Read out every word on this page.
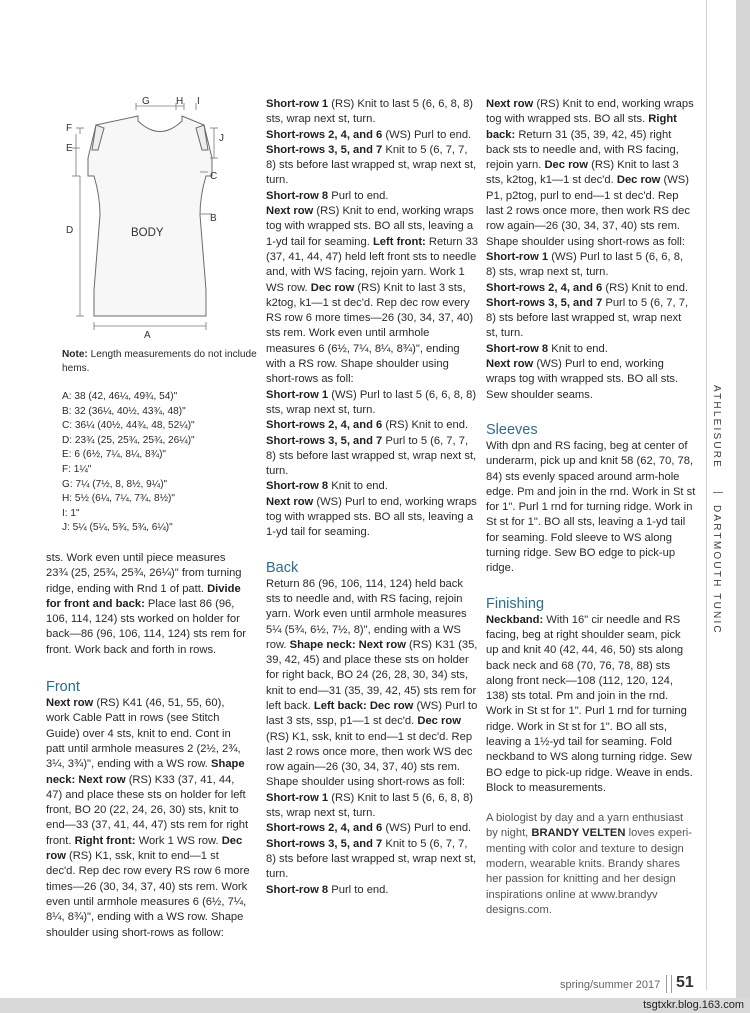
G	H I
F
E
J
C
B
D	BODY
A

Note: Length measurements do not include hems.

A: 38 (42, 46¼, 49¾, 54)"

B: 32 (36¼, 40½, 43¾, 48)"

C: 36¼ (40½, 44¾, 48, 52¼)"

D: 23¾ (25, 25¾, 25¾, 26¼)"

E: 6 (6½, 7¼, 8¼, 8¾)"

F: 1¼"

G: 7¼ (7½, 8, 8½, 9¼)"

H: 5½ (6¼, 7¼, 7¾, 8½)"

I: 1"

J: 5¼ (5¼, 5¾, 5¾, 6¼)"

sts. Work even until piece measures 23¾ (25, 25¾, 25¾, 26¼)" from turning ridge, ending with Rnd 1 of patt. Divide for front and back: Place last 86 (96, 106, 114, 124) sts worked on holder for back—86 (96, 106, 114, 124) sts rem for front. Work back and forth in rows.

Front

Next row (RS) K41 (46, 51, 55, 60), work Cable Patt in rows (see Stitch Guide) over 4 sts, knit to end. Cont in patt until armhole measures 2 (2½, 2¾, 3¼, 3¾)", ending with a WS row. Shape neck: Next row (RS) K33 (37, 41, 44, 47) and place these sts on holder for left front, BO 20 (22, 24, 26, 30) sts, knit to end—33 (37, 41, 44, 47) sts rem for right front. Right front: Work 1 WS row. Dec row (RS) K1, ssk, knit to end—1 st dec'd. Rep dec row every RS row 6 more times—26 (30, 34, 37, 40) sts rem. Work even until armhole measures 6 (6½, 7¼, 8¼, 8¾)", ending with a WS row. Shape shoulder using short-rows as follow:

Short-row 1 (RS) Knit to last 5 (6, 6, 8, 8) sts, wrap next st, turn.

Short-rows 2, 4, and 6 (WS) Purl to end.

Short-rows 3, 5, and 7 Knit to 5 (6, 7, 7, 8) sts before last wrapped st, wrap next st, turn.

Short-row 8 Purl to end.

Next row (RS) Knit to end, working wraps tog with wrapped sts. BO all sts, leaving a 1-yd tail for seaming. Left front: Return 33 (37, 41, 44, 47) held left front sts to needle and, with WS facing, rejoin yarn. Work 1 WS row. Dec row (RS) Knit to last 3 sts, k2tog, k1—1 st dec'd. Rep dec row every RS row 6 more times—26 (30, 34, 37, 40) sts rem. Work even until armhole measures 6 (6½, 7¼, 8¼, 8¾)", ending with a RS row. Shape shoulder using short-rows as foll:

Short-row 1 (WS) Purl to last 5 (6, 6, 8, 8) sts, wrap next st, turn.

Short-rows 2, 4, and 6 (RS) Knit to end.

Short-rows 3, 5, and 7 Purl to 5 (6, 7, 7, 8) sts before last wrapped st, wrap next st, turn.

Short-row 8 Knit to end.

Next row (WS) Purl to end, working wraps tog with wrapped sts. BO all sts, leaving a 1-yd tail for seaming.

Back

Return 86 (96, 106, 114, 124) held back sts to needle and, with RS facing, rejoin yarn. Work even until armhole measures 5¼ (5¾, 6½, 7½, 8)", ending with a WS row. Shape neck: Next row (RS) K31 (35, 39, 42, 45) and place these sts on holder for right back, BO 24 (26, 28, 30, 34) sts, knit to end—31 (35, 39, 42, 45) sts rem for left back. Left back: Dec row (WS) Purl to last 3 sts, ssp, p1—1 st dec'd. Dec row (RS) K1, ssk, knit to end—1 st dec'd. Rep last 2 rows once more, then work WS dec row again—26 (30, 34, 37, 40) sts rem. Shape shoulder using short-rows as foll:

Short-row 1 (RS) Knit to last 5 (6, 6, 8, 8) sts, wrap next st, turn.

Short-rows 2, 4, and 6 (WS) Purl to end.

Short-rows 3, 5, and 7 Knit to 5 (6, 7, 7, 8) sts before last wrapped st, wrap next st, turn.

Short-row 8 Purl to end.

Next row (RS) Knit to end, working wraps tog with wrapped sts. BO all sts. Right back: Return 31 (35, 39, 42, 45) right back sts to needle and, with RS facing, rejoin yarn. Dec row (RS) Knit to last 3 sts, k2tog, k1—1 st dec'd. Dec row (WS) P1, p2tog, purl to end—1 st dec'd. Rep last 2 rows once more, then work RS dec row again—26 (30, 34, 37, 40) sts rem. Shape shoulder using short-rows as foll:

Short-row 1 (WS) Purl to last 5 (6, 6, 8, 8) sts, wrap next st, turn.

Short-rows 2, 4, and 6 (RS) Knit to end.

Short-rows 3, 5, and 7 Purl to 5 (6, 7, 7, 8) sts before last wrapped st, wrap next st, turn.

Short-row 8 Knit to end.

Next row (WS) Purl to end, working wraps tog with wrapped sts. BO all sts. Sew shoulder seams.

Sleeves

With dpn and RS facing, beg at center of underarm, pick up and knit 58 (62, 70, 78, 84) sts evenly spaced around arm-hole edge. Pm and join in the rnd. Work in St st for 1". Purl 1 rnd for turning ridge. Work in St st for 1". BO all sts, leaving a 1-yd tail for seaming. Fold sleeve to WS along turning ridge. Sew BO edge to pick-up ridge.

Finishing

Neckband: With 16" cir needle and RS facing, beg at right shoulder seam, pick up and knit 40 (42, 44, 46, 50) sts along back neck and 68 (70, 76, 78, 88) sts along front neck—108 (112, 120, 124, 138) sts total. Pm and join in the rnd. Work in St st for 1". Purl 1 rnd for turning ridge. Work in St st for 1". BO all sts, leaving a 1½-yd tail for seaming. Fold neckband to WS along turning ridge. Sew BO edge to pick-up ridge. Weave in ends. Block to measurements.

A biologist by day and a yarn enthusiast by night, BRANDY VELTEN loves experi-menting with color and texture to design modern, wearable knits. Brandy shares her passion for knitting and her design inspirations online at www.brandyv designs.com.

ATHLEISURE
DARTMOUTH TUNIC
spring/summer 2017 51
tsgtxkr.blog.163.com
